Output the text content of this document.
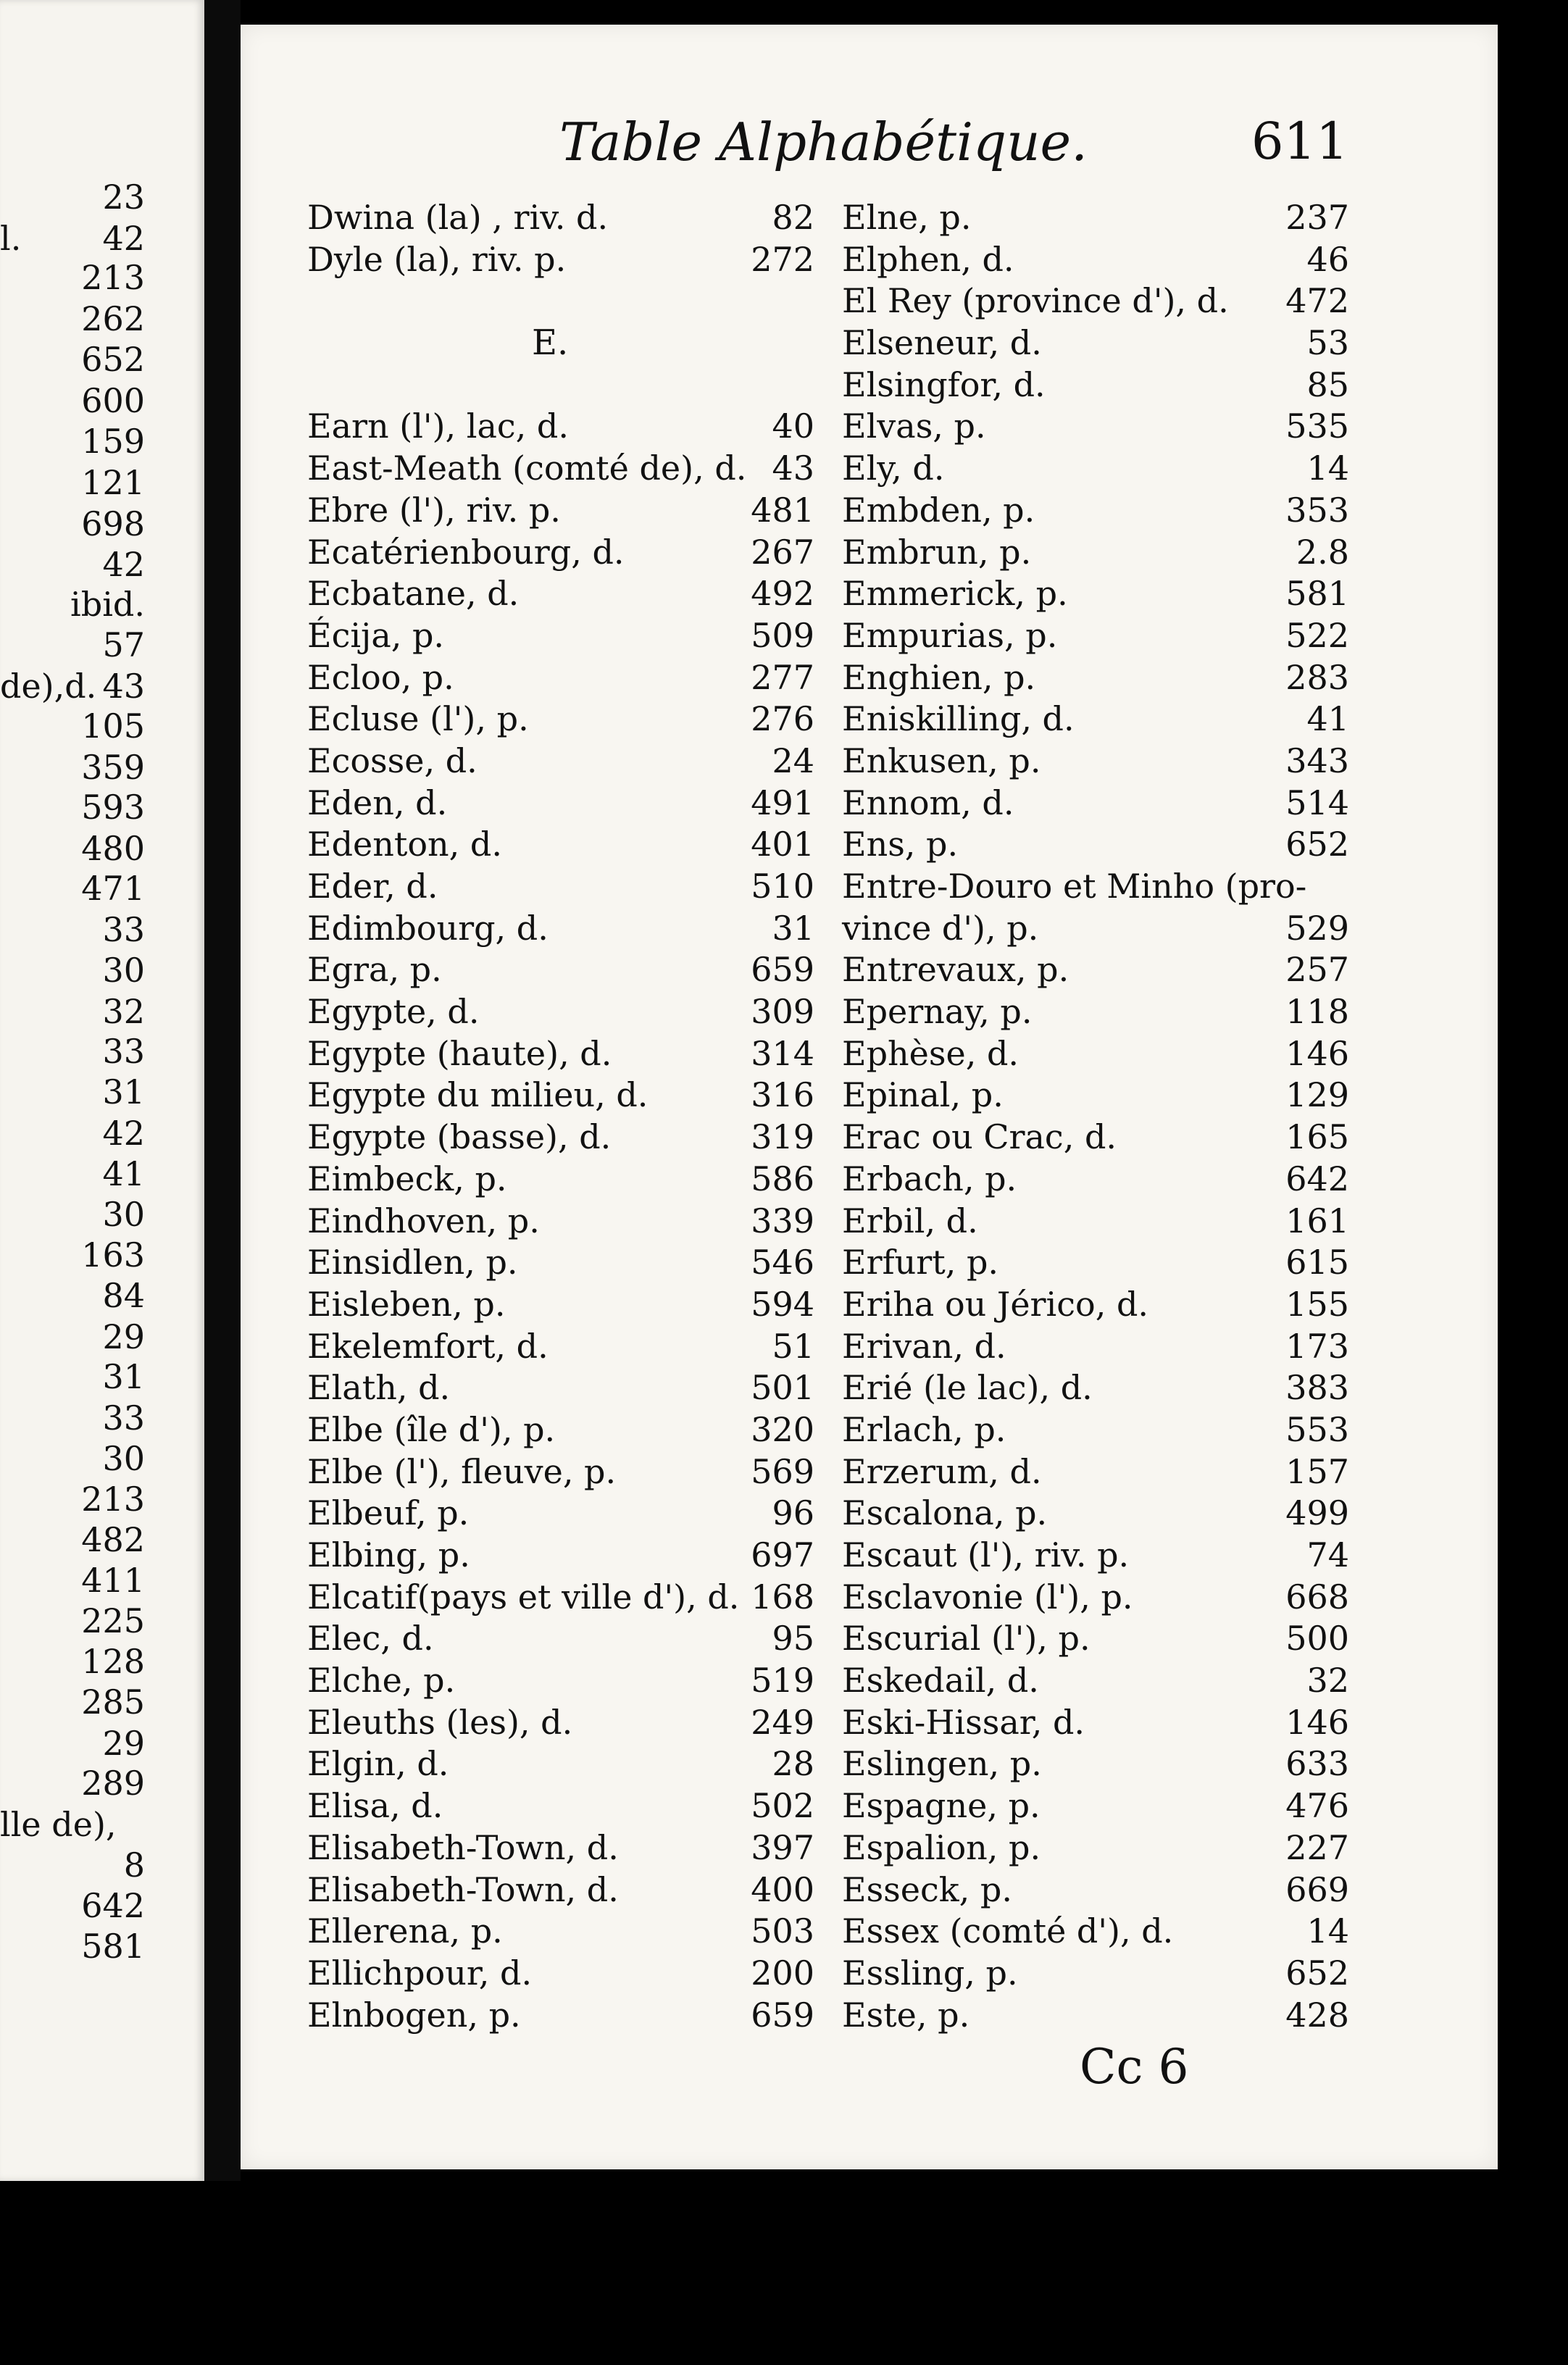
23
l. 42
213
262
652
600
159
121
698
42
ibid.
57
de),d. 43
105
359
593
480
471
33
30
32
33
31
42
41
30
163
84
29
31
33
30
213
482
411
225
128
285
29
289
lle de),
8
642
581
Table Alphabétique.	611
Dwina (la) , riv. d.	82
Dyle (la), riv. p.	272
E.
Earn (l'), lac, d.	40
East-Meath (comté de), d. 43
Ebre (l'), riv. p.	481
Ecatérienbourg, d.	267
Ecbatane, d.	492
Écija, p.	509
Ecloo, p.	277
Ecluse (l'), p.	276
Ecosse, d.	24
Eden, d.	491
Edenton, d.	401
Eder, d.	510
Edimbourg, d.	31
Egra, p.	659
Egypte, d.	309
Egypte (haute), d.	314
Egypte du milieu, d.	316
Egypte (basse), d.	319
Eimbeck, p.	586
Eindhoven, p.	339
Einsidlen, p.	546
Eisleben, p.	594
Ekelemfort, d.	51
Elath, d.	501
Elbe (île d'), p.	320
Elbe (l'), fleuve, p.	569
Elbeuf, p.	96
Elbing, p.	697
Elcatif(pays et ville d'), d. 168
Elec, d.	95
Elche, p.	519
Eleuths (les), d.	249
Elgin, d.	28
Elisa, d.	502
Elisabeth-Town, d.	397
Elisabeth-Town, d.	400
Ellerena, p.	503
Ellichpour, d.	200
Elnbogen, p.	659
Elne, p.	237
Elphen, d.	46
El Rey (province d'), d. 472
Elseneur, d.	53
Elsingfor, d.	85
Elvas, p.	535
Ely, d.	14
Embden, p.	353
Embrun, p.	2.8
Emmerick, p.	581
Empurias, p.	522
Enghien, p.	283
Eniskilling, d.	41
Enkusen, p.	343
Ennom, d.	514
Ens, p.	652
Entre-Douro et Minho (pro-
vince d'), p.	529
Entrevaux, p.	257
Epernay, p.	118
Ephèse, d.	146
Epinal, p.	129
Erac ou Crac, d.	165
Erbach, p.	642
Erbil, d.	161
Erfurt, p.	615
Eriha ou Jérico, d.	155
Erivan, d.	173
Erié (le lac), d.	383
Erlach, p.	553
Erzerum, d.	157
Escalona, p.	499
Escaut (l'), riv. p.	74
Esclavonie (l'), p.	668
Escurial (l'), p.	500
Eskedail, d.	32
Eski-Hissar, d.	146
Eslingen, p.	633
Espagne, p.	476
Espalion, p.	227
Esseck, p.	669
Essex (comté d'), d.	14
Essling, p.	652
Este, p.	428
Cc 6
